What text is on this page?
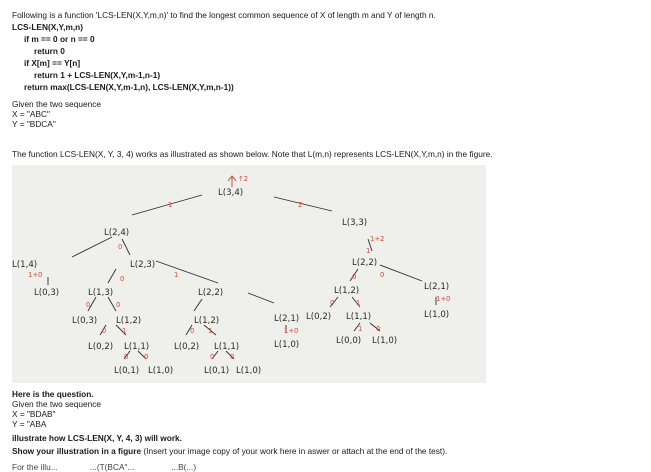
Following is a function 'LCS-LEN(X,Y,m,n)' to find the longest common sequence of X of length m and Y of length n.
LCS-LEN(X,Y,m,n)
if m == 0 or n == 0
return 0
if X[m] == Y[n]
return 1 + LCS-LEN(X,Y,m-1,n-1)
return max(LCS-LEN(X,Y,m-1,n), LCS-LEN(X,Y,m,n-1))
Given the two sequence
X = "ABC"
Y = "BDCA"
The function LCS-LEN(X, Y, 3, 4) works as illustrated as shown below. Note that L(m,n) represents LCS-LEN(X,Y,m,n) in the figure.
L(3,4)
↑2
L(2,4)
L(3,3)
1+2
L(1,4)
1+0
L(0,3)
L(2,3)
L(1,3)
L(0,3) L(1,2)
L(0,2) L(1,1)
L(0,1) L(1,0)
L(2,2)
L(1,2)
L(0,2) L(1,1)
L(0,1) L(1,0)
L(2,1)
1+0
L(1,0)
L(2,2)
L(1,2)
L(0,2) L(1,1)
L(0,0) L(1,0)
L(2,1)
1+0
L(1,0)
1	2
0
0	1
0	0
0 1
0 0
0 1
0 0
0	0
0	1
1 0
1
Here is the question.
Given the two sequence
X = "BDAB"
Y = "ABA
illustrate how LCS-LEN(X, Y, 4, 3) will work.
Show your illustration in a figure (Insert your image copy of your work here in aswer or attach at the end of the test).
For the illu...              ...(T(BCA"...                ...B(...)
